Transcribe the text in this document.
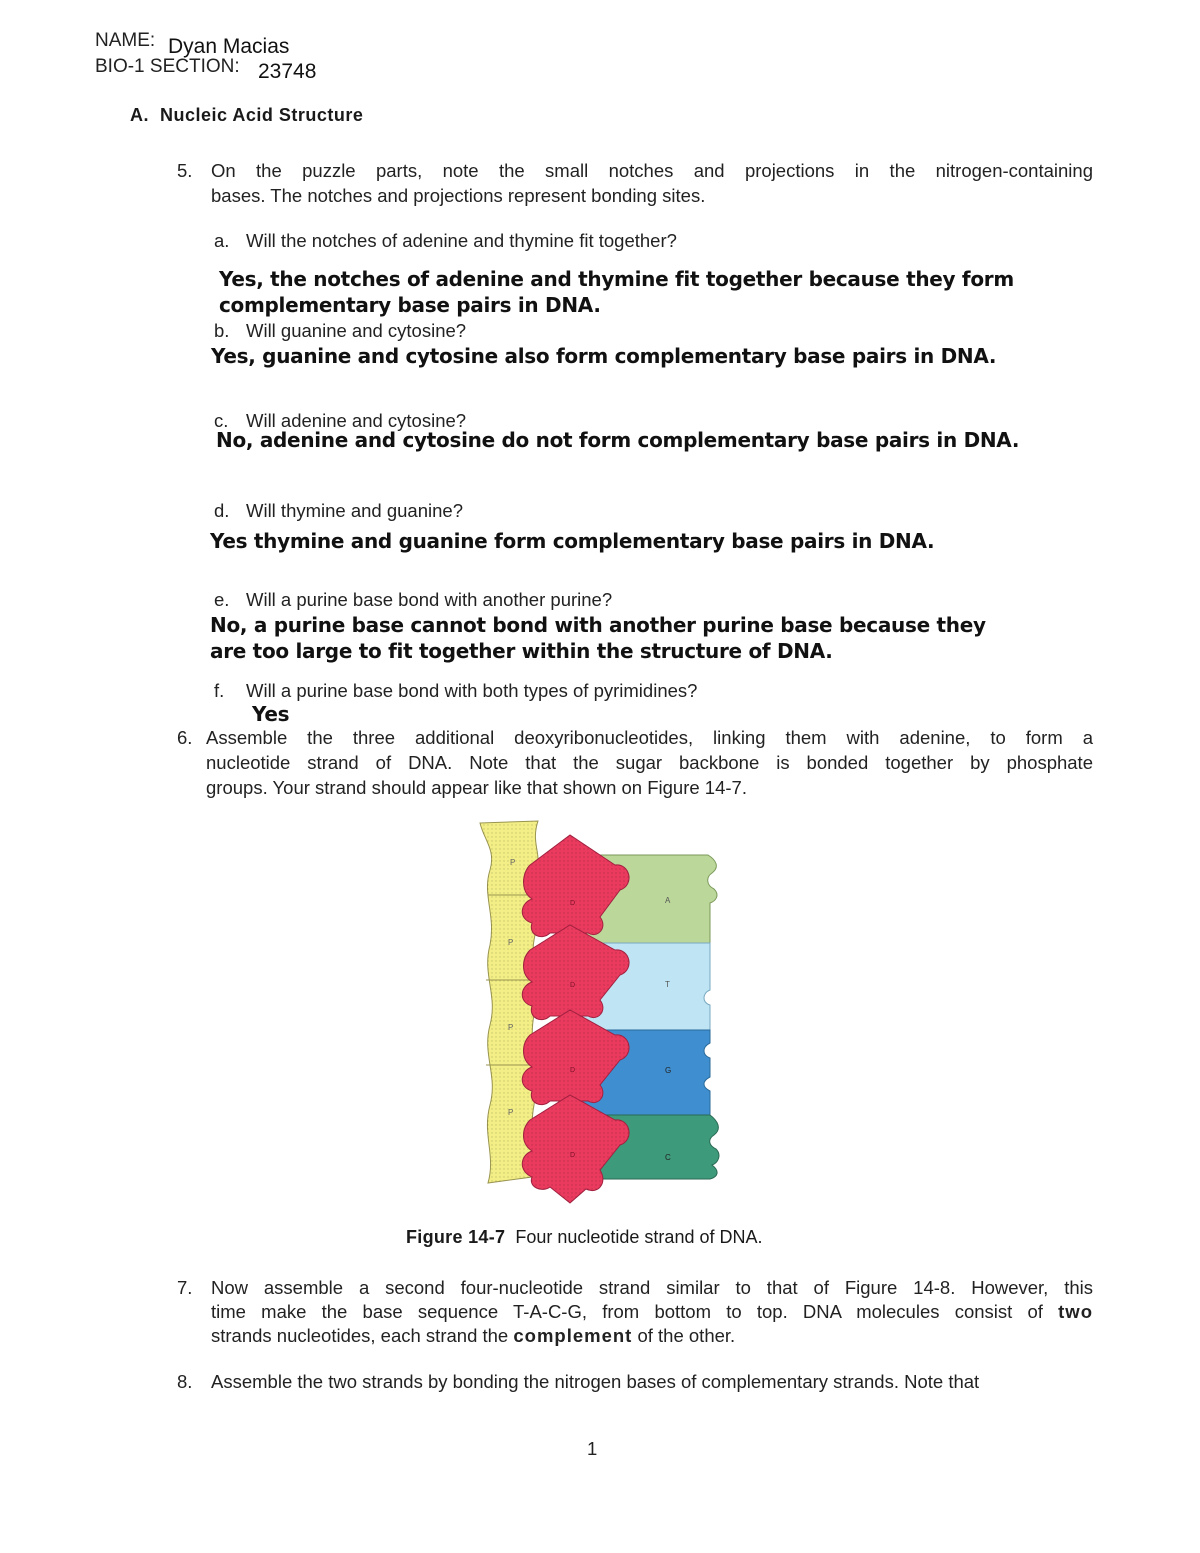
NAME: Dyan Macias
BIO-1 SECTION: 23748
A. Nucleic Acid Structure
5. On the puzzle parts, note the small notches and projections in the nitrogen-containing
bases. The notches and projections represent bonding sites.
a. Will the notches of adenine and thymine fit together?
Yes, the notches of adenine and thymine fit together because they form
complementary base pairs in DNA.
b. Will guanine and cytosine?
Yes, guanine and cytosine also form complementary base pairs in DNA.
c. Will adenine and cytosine?
No, adenine and cytosine do not form complementary base pairs in DNA.
d. Will thymine and guanine?
Yes thymine and guanine form complementary base pairs in DNA.
e. Will a purine base bond with another purine?
No, a purine base cannot bond with another purine base because they
are too large to fit together within the structure of DNA.
f. Will a purine base bond with both types of pyrimidines?
Yes
6. Assemble the three additional deoxyribonucleotides, linking them with adenine, to form a
nucleotide strand of DNA. Note that the sugar backbone is bonded together by phosphate
groups. Your strand should appear like that shown on Figure 14-7.
P
P
P
P
A
T
G
C
D
D
D
D
Figure 14-7 Four nucleotide strand of DNA.
7. Now assemble a second four-nucleotide strand similar to that of Figure 14-8. However, this
time make the base sequence T-A-C-G, from bottom to top. DNA molecules consist of two
strands nucleotides, each strand the complement of the other.
8. Assemble the two strands by bonding the nitrogen bases of complementary strands. Note that
1
